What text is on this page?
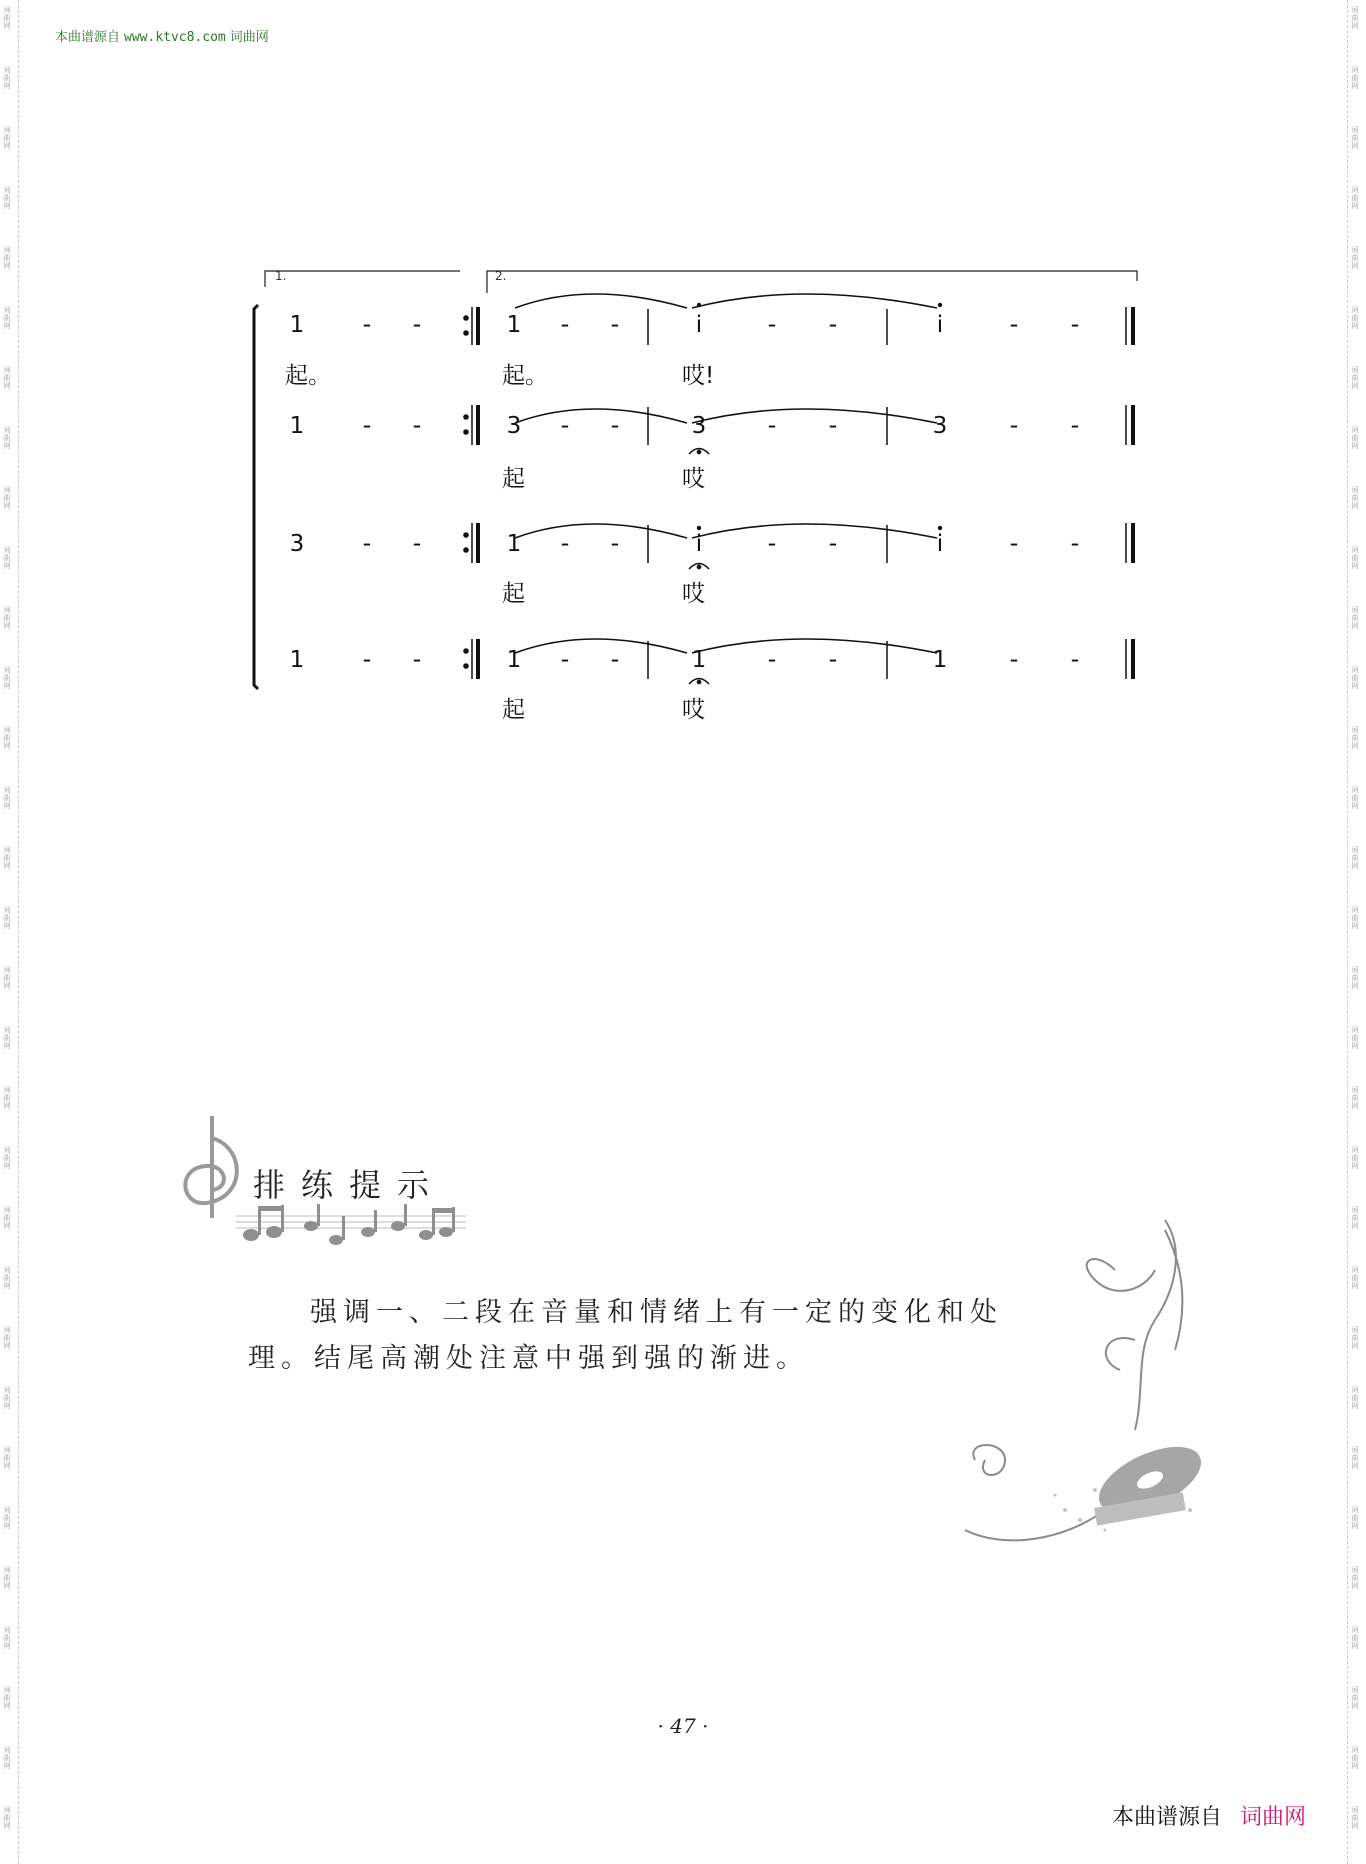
词曲网
词曲网
词曲网
词曲网
词曲网
词曲网
词曲网
词曲网
词曲网
词曲网
词曲网
词曲网
词曲网
词曲网
词曲网
词曲网
词曲网
词曲网
词曲网
词曲网
词曲网
词曲网
词曲网
词曲网
词曲网
词曲网
词曲网
词曲网
词曲网
词曲网
词曲网
词曲网
词曲网
词曲网
词曲网
词曲网
词曲网
词曲网
词曲网
词曲网
词曲网
词曲网
词曲网
词曲网
词曲网
词曲网
词曲网
词曲网
词曲网
词曲网
词曲网
词曲网
词曲网
词曲网
词曲网
词曲网
词曲网
词曲网
词曲网
词曲网
词曲网
词曲网
本曲谱源自 www.ktvc8.com 词曲网
1.	2.
1	-	-	1	-	-	i	-	-	i	-	-
起。	起。	哎!
1	-	-	3	-	-	3	-	-	3	-	-
起	哎
3	-	-	1	-	-	i	-	-	i	-	-
起	哎
1	-	-	1	-	-	1	-	-	1	-	-
起	哎
排练提示
强调一、二段在音量和情绪上有一定的变化和处
理。结尾高潮处注意中强到强的渐进。
· 47 ·
本曲谱源自 词曲网
